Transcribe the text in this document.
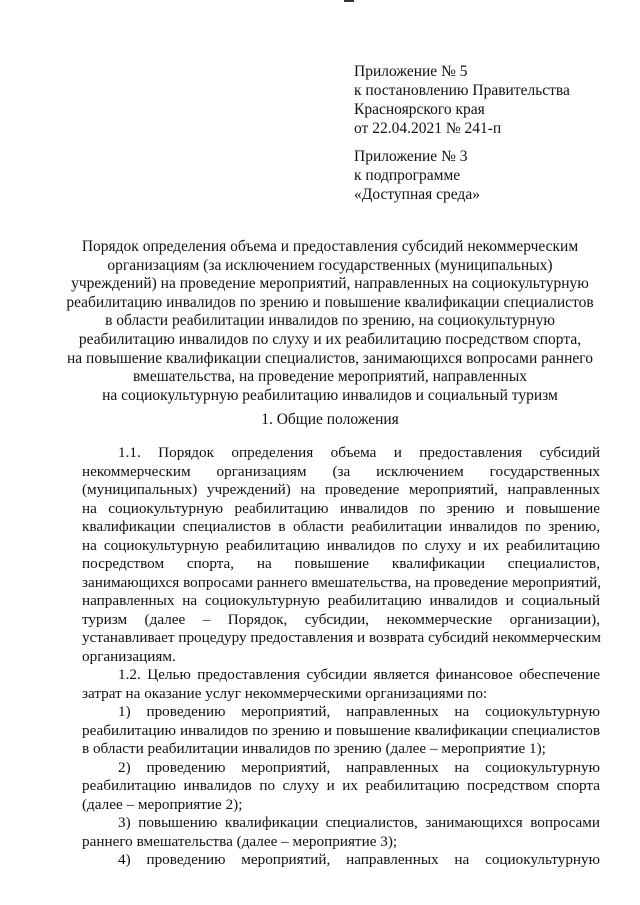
Приложение № 5
к постановлению Правительства
Красноярского края
от 22.04.2021 № 241-п
Приложение № 3
к подпрограмме
«Доступная среда»
Порядок определения объема и предоставления субсидий некоммерческим
организациям (за исключением государственных (муниципальных)
учреждений) на проведение мероприятий, направленных на социокультурную
реабилитацию инвалидов по зрению и повышение квалификации специалистов
в области реабилитации инвалидов по зрению, на социокультурную
реабилитацию инвалидов по слуху и их реабилитацию посредством спорта,
на повышение квалификации специалистов, занимающихся вопросами раннего
вмешательства, на проведение мероприятий, направленных
на социокультурную реабилитацию инвалидов и социальный туризм
1. Общие положения
1.1. Порядок определения объема и предоставления субсидий
некоммерческим организациям (за исключением государственных
(муниципальных) учреждений) на проведение мероприятий, направленных
на социокультурную реабилитацию инвалидов по зрению и повышение
квалификации специалистов в области реабилитации инвалидов по зрению,
на социокультурную реабилитацию инвалидов по слуху и их реабилитацию
посредством спорта, на повышение квалификации специалистов,
занимающихся вопросами раннего вмешательства, на проведение мероприятий,
направленных на социокультурную реабилитацию инвалидов и социальный
туризм (далее – Порядок, субсидии, некоммерческие организации),
устанавливает процедуру предоставления и возврата субсидий некоммерческим
организациям.
1.2. Целью предоставления субсидии является финансовое обеспечение
затрат на оказание услуг некоммерческими организациями по:
1) проведению мероприятий, направленных на социокультурную
реабилитацию инвалидов по зрению и повышение квалификации специалистов
в области реабилитации инвалидов по зрению (далее – мероприятие 1);
2) проведению мероприятий, направленных на социокультурную
реабилитацию инвалидов по слуху и их реабилитацию посредством спорта
(далее – мероприятие 2);
3) повышению квалификации специалистов, занимающихся вопросами
раннего вмешательства (далее – мероприятие 3);
4) проведению мероприятий, направленных на социокультурную
